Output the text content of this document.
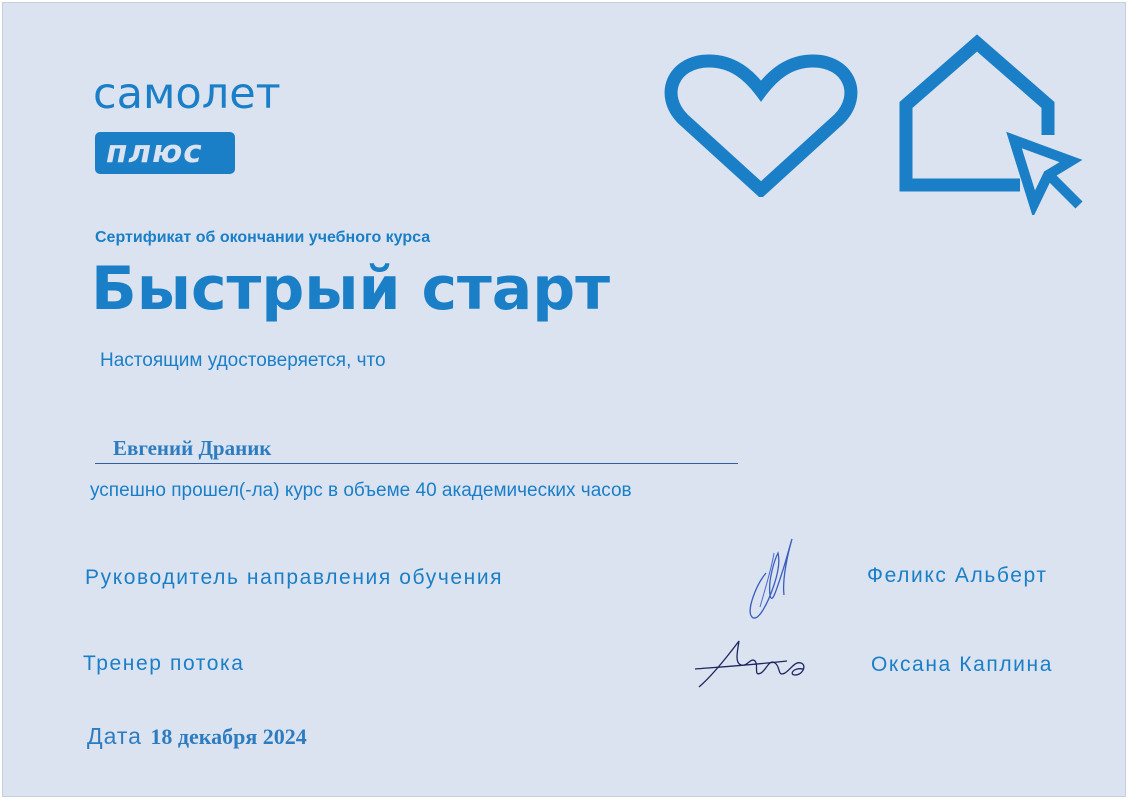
самолет
плюс
Сертификат об окончании учебного курса
Быстрый старт
Настоящим удостоверяется, что
Евгений Драник
успешно прошел(-ла) курс в объеме 40 академических часов
Руководитель направления обучения	Феликс Альберт
Тренер потока	Оксана Каплина
Дата 18 декабря 2024
